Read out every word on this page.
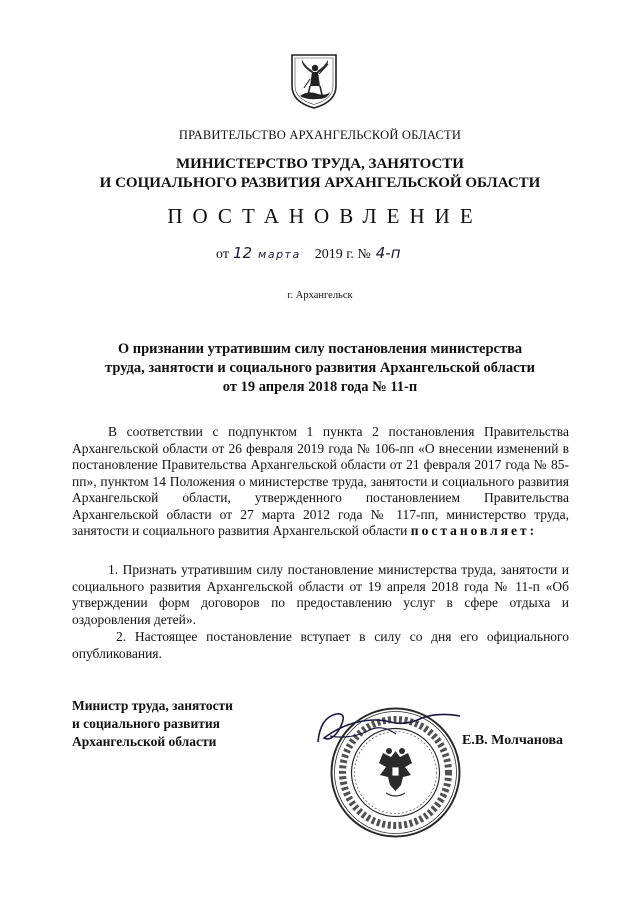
ПРАВИТЕЛЬСТВО АРХАНГЕЛЬСКОЙ ОБЛАСТИ
МИНИСТЕРСТВО ТРУДА, ЗАНЯТОСТИ
И СОЦИАЛЬНОГО РАЗВИТИЯ АРХАНГЕЛЬСКОЙ ОБЛАСТИ
ПОСТАНОВЛЕНИЕ
от 12 марта 2019 г. № 4-п
г. Архангельск
О признании утратившим силу постановления министерства
труда, занятости и социального развития Архангельской области
от 19 апреля 2018 года № 11-п
В соответствии с подпунктом 1 пункта 2 постановления Правительства Архангельской области от 26 февраля 2019 года № 106-пп «О внесении изменений в постановление Правительства Архангельской области от 21 февраля 2017 года № 85-пп», пунктом 14 Положения о министерстве труда, занятости и социального развития Архангельской области, утвержденного постановлением Правительства Архангельской области от 27 марта 2012 года № 117-пп, министерство труда, занятости и социального развития Архангельской области постановляет:
1. Признать утратившим силу постановление министерства труда, занятости и социального развития Архангельской области от 19 апреля 2018 года № 11-п «Об утверждении форм договоров по предоставлению услуг в сфере отдыха и оздоровления детей».
2. Настоящее постановление вступает в силу со дня его официального опубликования.
Министр труда, занятости
и социального развития
Архангельской области	Е.В. Молчанова
